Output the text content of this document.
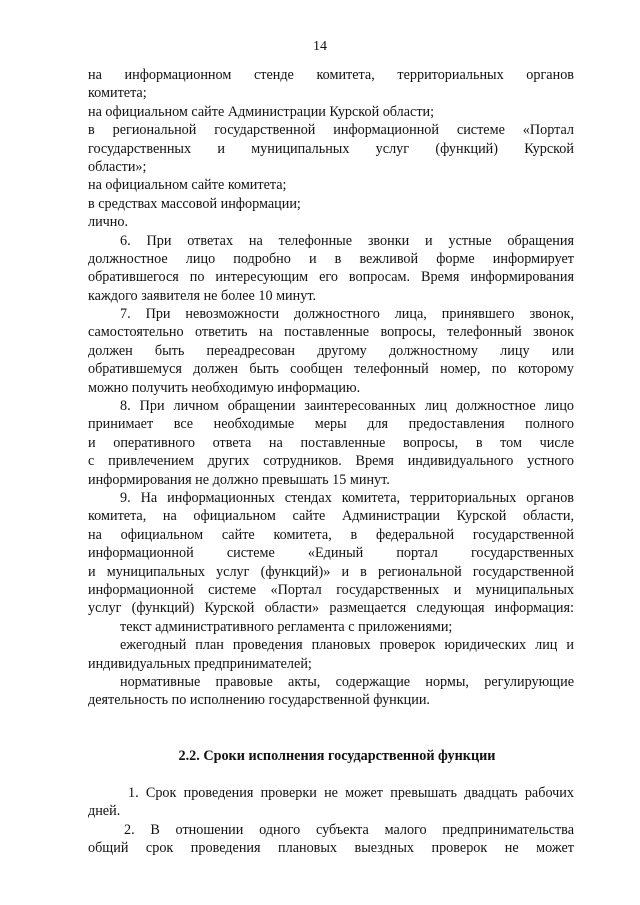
14
на информационном стенде комитета, территориальных органов
комитета;
на официальном сайте Администрации Курской области;
в региональной государственной информационной системе «Портал
государственных и муниципальных услуг (функций) Курской
области»;
на официальном сайте комитета;
в средствах массовой информации;
лично.
6. При ответах на телефонные звонки и устные обращения
должностное лицо подробно и в вежливой форме информирует
обратившегося по интересующим его вопросам. Время информирования
каждого заявителя не более 10 минут.
7. При невозможности должностного лица, принявшего звонок,
самостоятельно ответить на поставленные вопросы, телефонный звонок
должен быть переадресован другому должностному лицу или
обратившемуся должен быть сообщен телефонный номер, по которому
можно получить необходимую информацию.
8. При личном обращении заинтересованных лиц должностное лицо
принимает все необходимые меры для предоставления полного
и оперативного ответа на поставленные вопросы, в том числе
с привлечением других сотрудников. Время индивидуального устного
информирования не должно превышать 15 минут.
9. На информационных стендах комитета, территориальных органов
комитета, на официальном сайте Администрации Курской области,
на официальном сайте комитета, в федеральной государственной
информационной системе «Единый портал государственных
и муниципальных услуг (функций)» и в региональной государственной
информационной системе «Портал государственных и муниципальных
услуг (функций) Курской области» размещается следующая информация:
текст административного регламента с приложениями;
ежегодный план проведения плановых проверок юридических лиц и
индивидуальных предпринимателей;
нормативные правовые акты, содержащие нормы, регулирующие
деятельность по исполнению государственной функции.
2.2. Сроки исполнения государственной функции
1. Срок проведения проверки не может превышать двадцать рабочих
дней.
2. В отношении одного субъекта малого предпринимательства
общий срок проведения плановых выездных проверок не может
